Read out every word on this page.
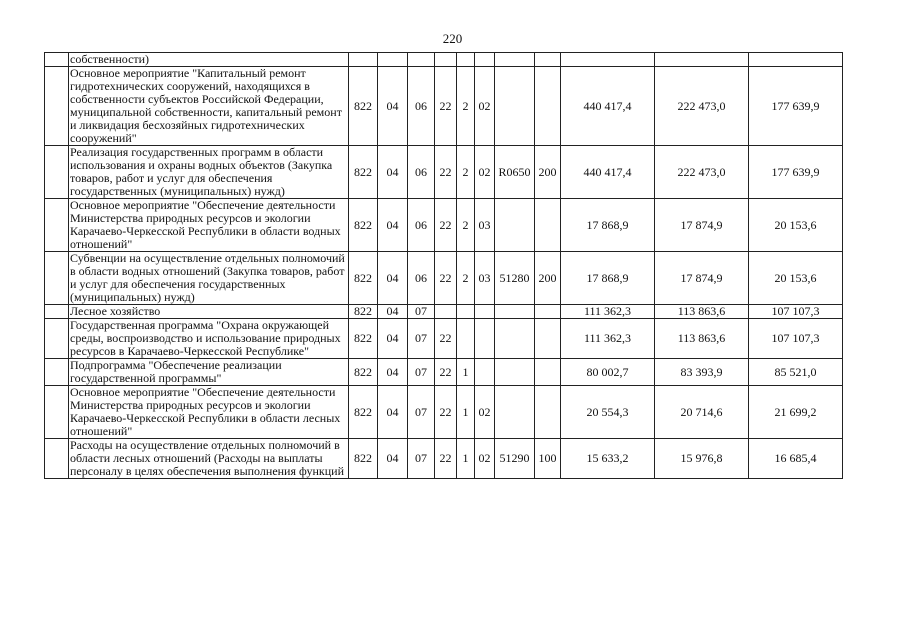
220
	собственности)											
	Основное мероприятие "Капитальный ремонт гидротехнических сооружений, находящихся в собственности субъектов Российской Федерации, муниципальной собственности, капитальный ремонт и ликвидация бесхозяйных гидротехнических сооружений"	822	04	06	22	2	02			440 417,4	222 473,0	177 639,9
	Реализация государственных программ в области использования и охраны водных объектов (Закупка товаров, работ и услуг для обеспечения государственных (муниципальных) нужд)	822	04	06	22	2	02	R0650	200	440 417,4	222 473,0	177 639,9
	Основное мероприятие "Обеспечение деятельности Министерства природных ресурсов и экологии Карачаево-Черкесской Республики в области водных отношений"	822	04	06	22	2	03			17 868,9	17 874,9	20 153,6
	Субвенции на осуществление отдельных полномочий в области водных отношений (Закупка товаров, работ и услуг для обеспечения государственных (муниципальных) нужд)	822	04	06	22	2	03	51280	200	17 868,9	17 874,9	20 153,6
	Лесное хозяйство	822	04	07						111 362,3	113 863,6	107 107,3
	Государственная программа "Охрана окружающей среды, воспроизводство и использование природных ресурсов в Карачаево-Черкесской Республике"	822	04	07	22					111 362,3	113 863,6	107 107,3
	Подпрограмма "Обеспечение реализации государственной программы"	822	04	07	22	1				80 002,7	83 393,9	85 521,0
	Основное мероприятие "Обеспечение деятельности Министерства природных ресурсов и экологии Карачаево-Черкесской Республики в области лесных отношений"	822	04	07	22	1	02			20 554,3	20 714,6	21 699,2
	Расходы на осуществление отдельных полномочий в области лесных отношений (Расходы на выплаты персоналу в целях обеспечения выполнения функций	822	04	07	22	1	02	51290	100	15 633,2	15 976,8	16 685,4
